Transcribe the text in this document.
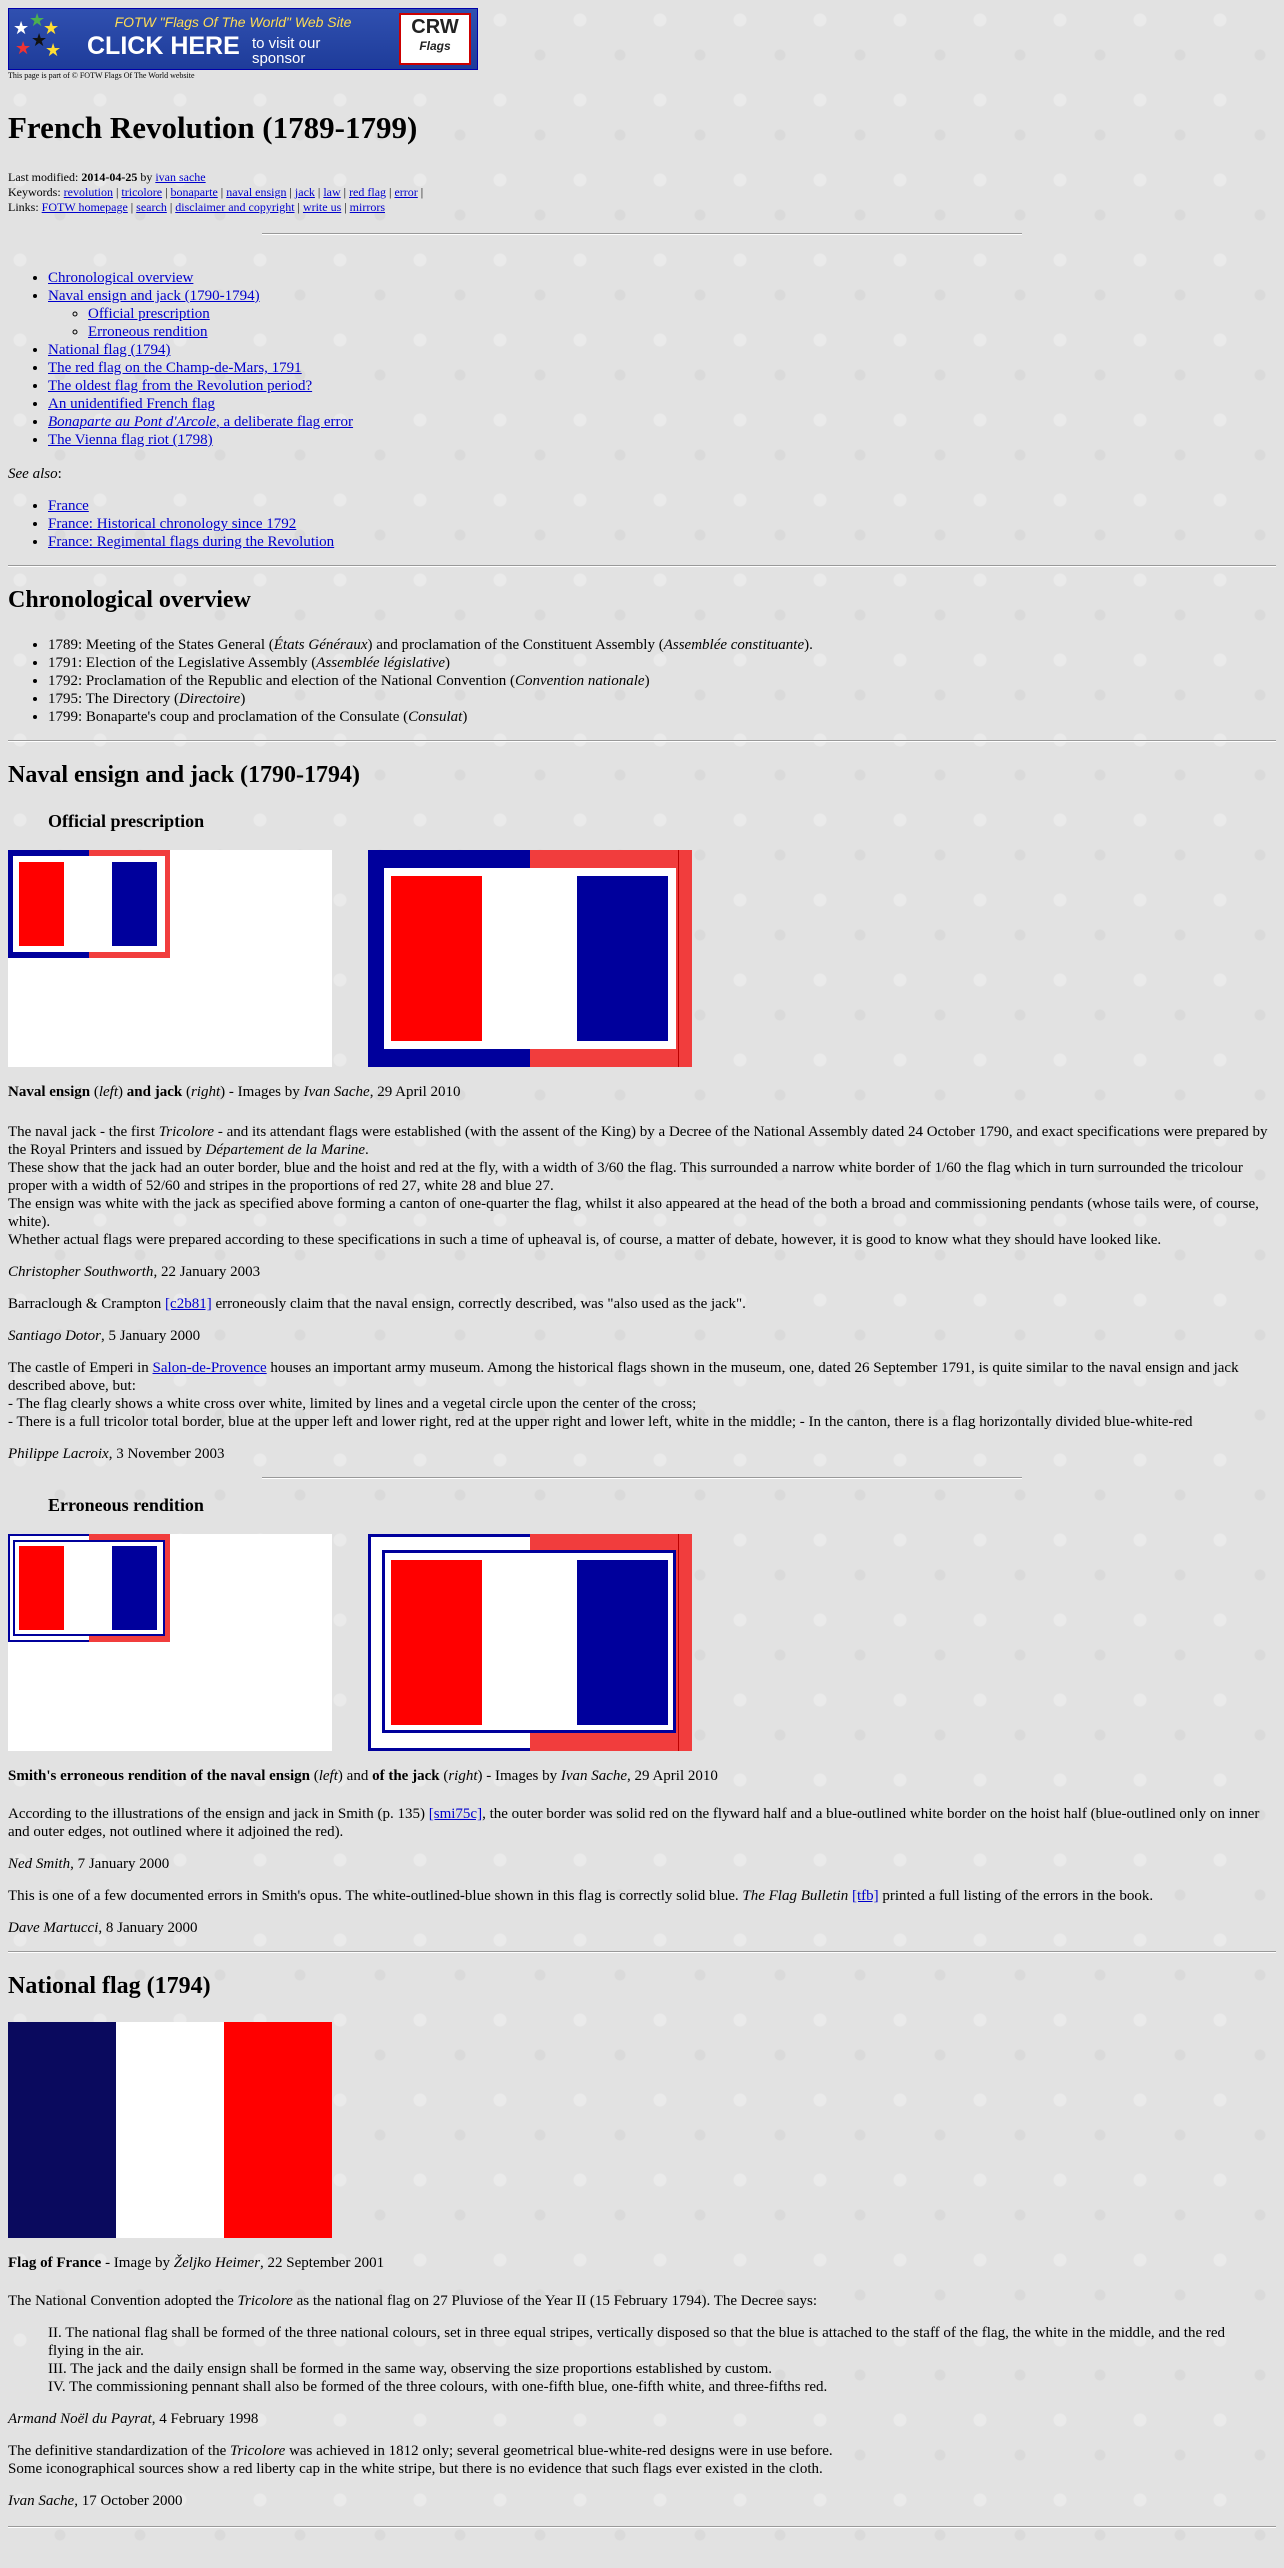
★ ★
★
★ ★
★
FOTW "Flags Of The World" Web Site
CLICK HERE to visit our
sponsor
CRW
Flags
This page is part of © FOTW Flags Of The World website
French Revolution (1789-1799)
Last modified: 2014-04-25 by ivan sache
Keywords: revolution | tricolore | bonaparte | naval ensign | jack | law | red flag | error |
Links: FOTW homepage | search | disclaimer and copyright | write us | mirrors
• Chronological overview
• Naval ensign and jack (1790-1794)
◦ Official prescription
◦ Erroneous rendition
• National flag (1794)
• The red flag on the Champ-de-Mars, 1791
• The oldest flag from the Revolution period?
• An unidentified French flag
• Bonaparte au Pont d'Arcole, a deliberate flag error
• The Vienna flag riot (1798)

See also:

• France
• France: Historical chronology since 1792
• France: Regimental flags during the Revolution
Chronological overview
• 1789: Meeting of the States General (États Généraux) and proclamation of the Constituent Assembly (Assemblée constituante).
• 1791: Election of the Legislative Assembly (Assemblée législative)
• 1792: Proclamation of the Republic and election of the National Convention (Convention nationale)
• 1795: The Directory (Directoire)
• 1799: Bonaparte's coup and proclamation of the Consulate (Consulat)
Naval ensign and jack (1790-1794)
Official prescription

Naval ensign (left) and jack (right) - Images by Ivan Sache, 29 April 2010

The naval jack - the first Tricolore - and its attendant flags were established (with the assent of the King) by a Decree of the National Assembly dated 24 October 1790, and exact specifications were prepared by the Royal Printers and issued by Département de la Marine.
These show that the jack had an outer border, blue and the hoist and red at the fly, with a width of 3/60 the flag. This surrounded a narrow white border of 1/60 the flag which in turn surrounded the tricolour proper with a width of 52/60 and stripes in the proportions of red 27, white 28 and blue 27.
The ensign was white with the jack as specified above forming a canton of one-quarter the flag, whilst it also appeared at the head of the both a broad and commissioning pendants (whose tails were, of course, white).
Whether actual flags were prepared according to these specifications in such a time of upheaval is, of course, a matter of debate, however, it is good to know what they should have looked like.

Christopher Southworth, 22 January 2003

Barraclough & Crampton [c2b81] erroneously claim that the naval ensign, correctly described, was "also used as the jack".

Santiago Dotor, 5 January 2000

The castle of Emperi in Salon-de-Provence houses an important army museum. Among the historical flags shown in the museum, one, dated 26 September 1791, is quite similar to the naval ensign and jack described above, but:
- The flag clearly shows a white cross over white, limited by lines and a vegetal circle upon the center of the cross;
- There is a full tricolor total border, blue at the upper left and lower right, red at the upper right and lower left, white in the middle; - In the canton, there is a flag horizontally divided blue-white-red

Philippe Lacroix, 3 November 2003

Erroneous rendition

Smith's erroneous rendition of the naval ensign (left) and of the jack (right) - Images by Ivan Sache, 29 April 2010

According to the illustrations of the ensign and jack in Smith (p. 135) [smi75c], the outer border was solid red on the flyward half and a blue-outlined white border on the hoist half (blue-outlined only on inner and outer edges, not outlined where it adjoined the red).

Ned Smith, 7 January 2000

This is one of a few documented errors in Smith's opus. The white-outlined-blue shown in this flag is correctly solid blue. The Flag Bulletin [tfb] printed a full listing of the errors in the book.

Dave Martucci, 8 January 2000

National flag (1794)

Flag of France - Image by Željko Heimer, 22 September 2001

The National Convention adopted the Tricolore as the national flag on 27 Pluviose of the Year II (15 February 1794). The Decree says:

II. The national flag shall be formed of the three national colours, set in three equal stripes, vertically disposed so that the blue is attached to the staff of the flag, the white in the middle, and the red flying in the air.
III. The jack and the daily ensign shall be formed in the same way, observing the size proportions established by custom.
IV. The commissioning pennant shall also be formed of the three colours, with one-fifth blue, one-fifth white, and three-fifths red.

Armand Noël du Payrat, 4 February 1998

The definitive standardization of the Tricolore was achieved in 1812 only; several geometrical blue-white-red designs were in use before.
Some iconographical sources show a red liberty cap in the white stripe, but there is no evidence that such flags ever existed in the cloth.

Ivan Sache, 17 October 2000
